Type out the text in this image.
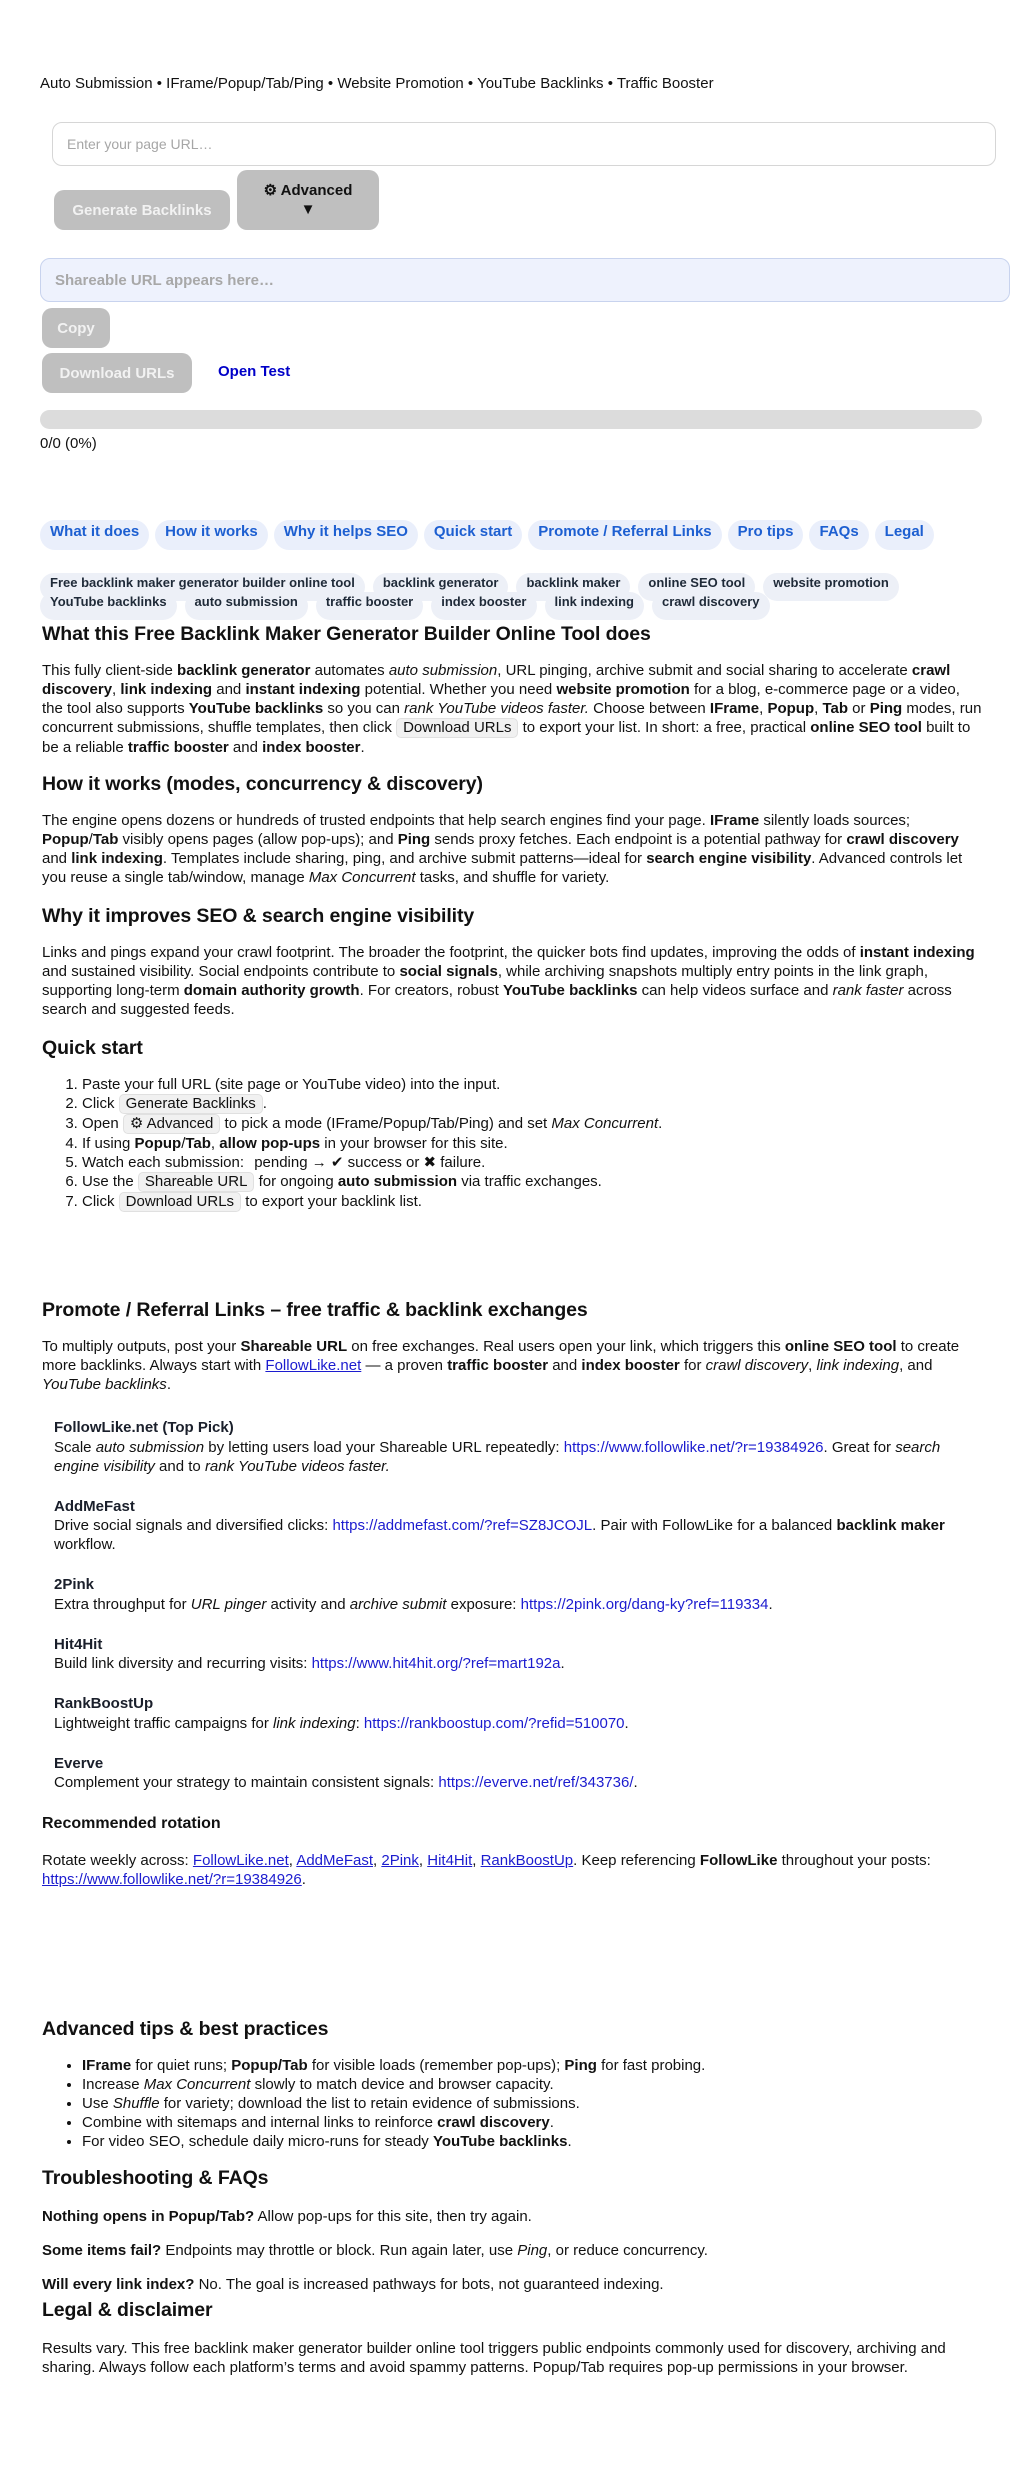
Auto Submission • IFrame/Popup/Tab/Ping • Website Promotion • YouTube Backlinks • Traffic Booster
Enter your page URL…
Generate Backlinks
⚙ Advanced
▼
Shareable URL appears here…
Copy
Download URLs	Open Test
0/0 (0%)
What it does	How it works	Why it helps SEO	Quick start	Promote / Referral Links	Pro tips	FAQs	Legal
Free backlink maker generator builder online tool	backlink generator	backlink maker	online SEO tool	website promotion
YouTube backlinks	auto submission	traffic booster	index booster	link indexing	crawl discovery
What this Free Backlink Maker Generator Builder Online Tool does

This fully client-side backlink generator automates auto submission, URL pinging, archive submit and social sharing to accelerate crawl discovery, link indexing and instant indexing potential. Whether you need website promotion for a blog, e-commerce page or a video, the tool also supports YouTube backlinks so you can rank YouTube videos faster. Choose between IFrame, Popup, Tab or Ping modes, run concurrent submissions, shuffle templates, then click Download URLs to export your list. In short: a free, practical online SEO tool built to be a reliable traffic booster and index booster.

How it works (modes, concurrency & discovery)

The engine opens dozens or hundreds of trusted endpoints that help search engines find your page. IFrame silently loads sources; Popup/Tab visibly opens pages (allow pop-ups); and Ping sends proxy fetches. Each endpoint is a potential pathway for crawl discovery and link indexing. Templates include sharing, ping, and archive submit patterns—ideal for search engine visibility. Advanced controls let you reuse a single tab/window, manage Max Concurrent tasks, and shuffle for variety.

Why it improves SEO & search engine visibility

Links and pings expand your crawl footprint. The broader the footprint, the quicker bots find updates, improving the odds of instant indexing and sustained visibility. Social endpoints contribute to social signals, while archiving snapshots multiply entry points in the link graph, supporting long-term domain authority growth. For creators, robust YouTube backlinks can help videos surface and rank faster across search and suggested feeds.

Quick start
1. Paste your full URL (site page or YouTube video) into the input.
2. Click Generate Backlinks .
3. Open ⚙ Advanced to pick a mode (IFrame/Popup/Tab/Ping) and set Max Concurrent.
4. If using Popup/Tab, allow pop-ups in your browser for this site.
5. Watch each submission: pending → ✔ success or ✖ failure.
6. Use the Shareable URL for ongoing auto submission via traffic exchanges.
7. Click Download URLs to export your backlink list.
Promote / Referral Links – free traffic & backlink exchanges

To multiply outputs, post your Shareable URL on free exchanges. Real users open your link, which triggers this online SEO tool to create more backlinks. Always start with FollowLike.net — a proven traffic booster and index booster for crawl discovery, link indexing, and YouTube backlinks.

FollowLike.net (Top Pick)
Scale auto submission by letting users load your Shareable URL repeatedly: https://www.followlike.net/?r=19384926. Great for search engine visibility and to rank YouTube videos faster.
AddMeFast
Drive social signals and diversified clicks: https://addmefast.com/?ref=SZ8JCOJL. Pair with FollowLike for a balanced backlink maker workflow.
2Pink
Extra throughput for URL pinger activity and archive submit exposure: https://2pink.org/dang-ky?ref=119334.
Hit4Hit
Build link diversity and recurring visits: https://www.hit4hit.org/?ref=mart192a.
RankBoostUp
Lightweight traffic campaigns for link indexing: https://rankboostup.com/?refid=510070.
Everve
Complement your strategy to maintain consistent signals: https://everve.net/ref/343736/.
Recommended rotation

Rotate weekly across: FollowLike.net, AddMeFast, 2Pink, Hit4Hit, RankBoostUp. Keep referencing FollowLike throughout your posts: https://www.followlike.net/?r=19384926.

Advanced tips & best practices
• IFrame for quiet runs; Popup/Tab for visible loads (remember pop-ups); Ping for fast probing.
• Increase Max Concurrent slowly to match device and browser capacity.
• Use Shuffle for variety; download the list to retain evidence of submissions.
• Combine with sitemaps and internal links to reinforce crawl discovery.
• For video SEO, schedule daily micro-runs for steady YouTube backlinks.
Troubleshooting & FAQs

Nothing opens in Popup/Tab? Allow pop-ups for this site, then try again.

Some items fail? Endpoints may throttle or block. Run again later, use Ping, or reduce concurrency.

Will every link index? No. The goal is increased pathways for bots, not guaranteed indexing.

Legal & disclaimer

Results vary. This free backlink maker generator builder online tool triggers public endpoints commonly used for discovery, archiving and sharing. Always follow each platform’s terms and avoid spammy patterns. Popup/Tab requires pop-up permissions in your browser.
